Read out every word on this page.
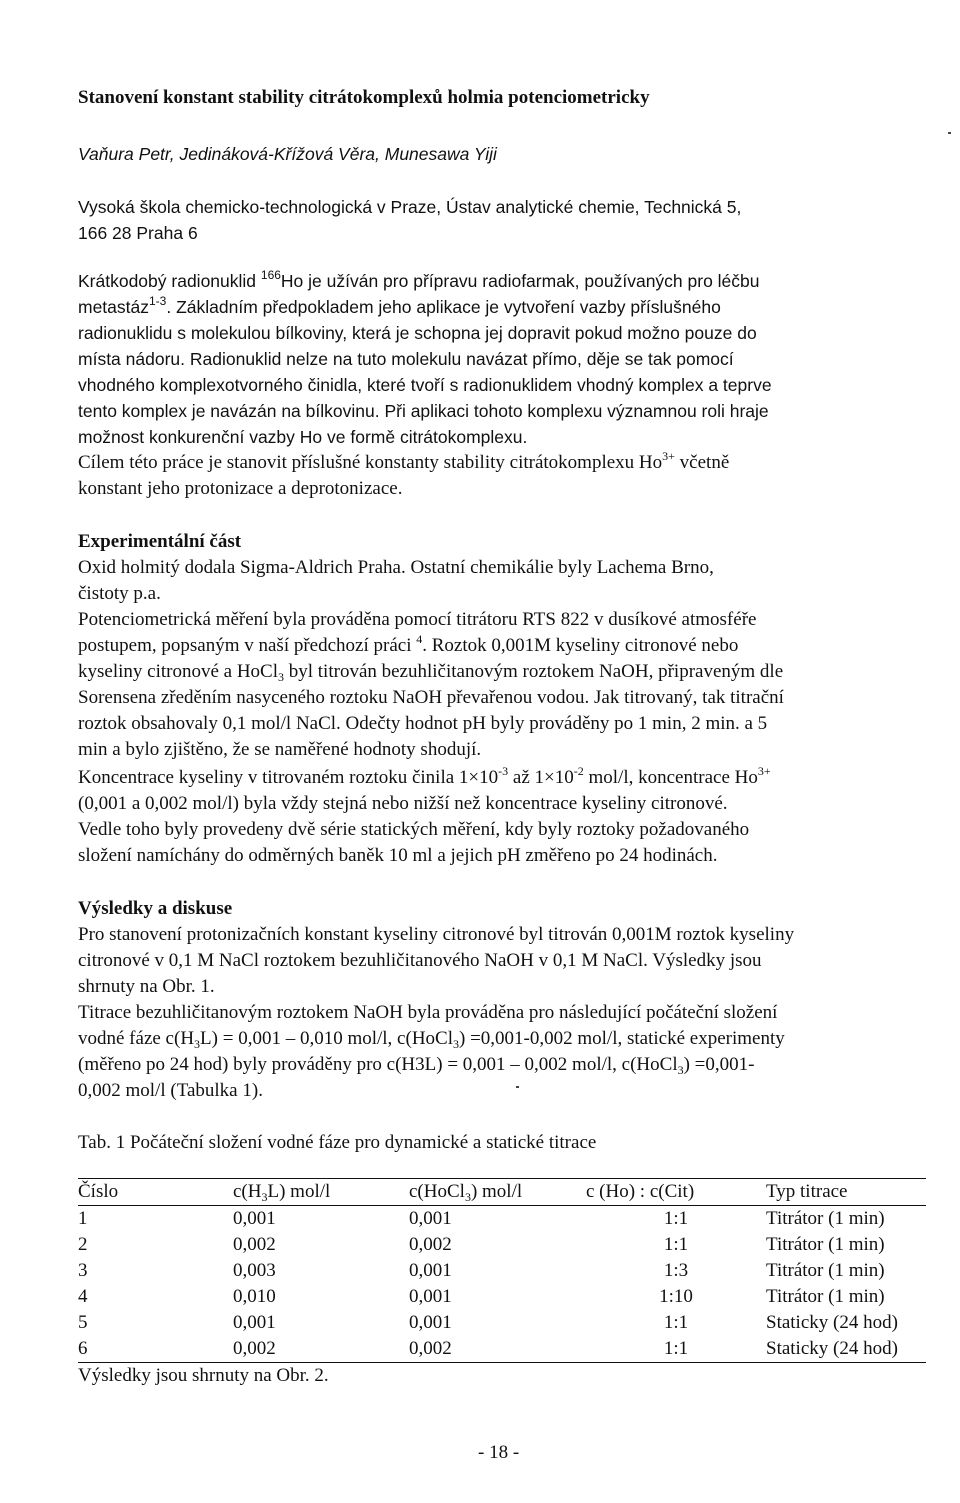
Stanovení konstant stability citrátokomplexů holmia potenciometricky
Vaňura Petr, Jedináková-Křížová Věra, Munesawa Yiji
Vysoká škola chemicko-technologická v Praze, Ústav analytické chemie, Technická 5,
166 28 Praha 6
Krátkodobý radionuklid $^{166}$Ho je užíván pro přípravu radiofarmak, používaných pro léčbu
metastáz$^{1-3}$. Základním předpokladem jeho aplikace je vytvoření vazby příslušného
radionuklidu s molekulou bílkoviny, která je schopna jej dopravit pokud možno pouze do
místa nádoru. Radionuklid nelze na tuto molekulu navázat přímo, děje se tak pomocí
vhodného komplexotvorného činidla, které tvoří s radionuklidem vhodný komplex a teprve
tento komplex je navázán na bílkovinu. Při aplikaci tohoto komplexu významnou roli hraje
možnost konkurenční vazby Ho ve formě citrátokomplexu.
Cílem této práce je stanovit příslušné konstanty stability citrátokomplexu $Ho^{3+}$ včetně
konstant jeho protonizace a deprotonizace.
Experimentální část
Oxid holmitý dodala Sigma-Aldrich Praha. Ostatní chemikálie byly Lachema Brno,
čistoty p.a.
Potenciometrická měření byla prováděna pomocí titrátoru RTS 822 v dusíkové atmosféře
postupem, popsaným v naší předchozí práci $^4$. Roztok 0,001M kyseliny citronové nebo
kyseliny citronové a HoCl$_3$ byl titrován bezuhličitanovým roztokem NaOH, připraveným dle
Sorensena zředěním nasyceného roztoku NaOH převařenou vodou. Jak titrovaný, tak titrační
roztok obsahovaly 0,1 mol/l NaCl. Odečty hodnot pH byly prováděny po 1 min, 2 min. a 5
min a bylo zjištěno, že se naměřené hodnoty shodují.
Koncentrace kyseliny v titrovaném roztoku činila $1\times 10^{-3}$ až $1\times 10^{-2}$ mol/l, koncentrace $Ho^{3+}$
(0,001 a 0,002 mol/l) byla vždy stejná nebo nižší než koncentrace kyseliny citronové.
Vedle toho byly provedeny dvě série statických měření, kdy byly roztoky požadovaného
složení namíchány do odměrných baněk 10 ml a jejich pH změřeno po 24 hodinách.
Výsledky a diskuse
Pro stanovení protonizačních konstant kyseliny citronové byl titrován 0,001M roztok kyseliny
citronové v 0,1 M NaCl roztokem bezuhličitanového NaOH v 0,1 M NaCl. Výsledky jsou
shrnuty na Obr. 1.
Titrace bezuhličitanovým roztokem NaOH byla prováděna pro následující počáteční složení
vodné fáze $c(H_3L) = 0,001 - 0,010$ mol/l, c(HoCl$_3$) =0,001-0,002 mol/l, statické experimenty
(měřeno po 24 hod) byly prováděny pro c(H3L) = 0,001 – 0,002 mol/l, c(HoCl$_3$) =0,001-
0,002 mol/l (Tabulka 1).
Tab. 1 Počáteční složení vodné fáze pro dynamické a statické titrace
Číslo	$c(H_3L)$ mol/l	c(HoCl$_3$) mol/l	c (Ho) : c(Cit)	Typ titrace
1	0,001	0,001	1:1	Titrátor (1 min)
2	0,002	0,002	1:1	Titrátor (1 min)
3	0,003	0,001	1:3	Titrátor (1 min)
4	0,010	0,001	1:10	Titrátor (1 min)
5	0,001	0,001	1:1	Staticky (24 hod)
6	0,002	0,002	1:1	Staticky (24 hod)
Výsledky jsou shrnuty na Obr. 2.
- 18 -
